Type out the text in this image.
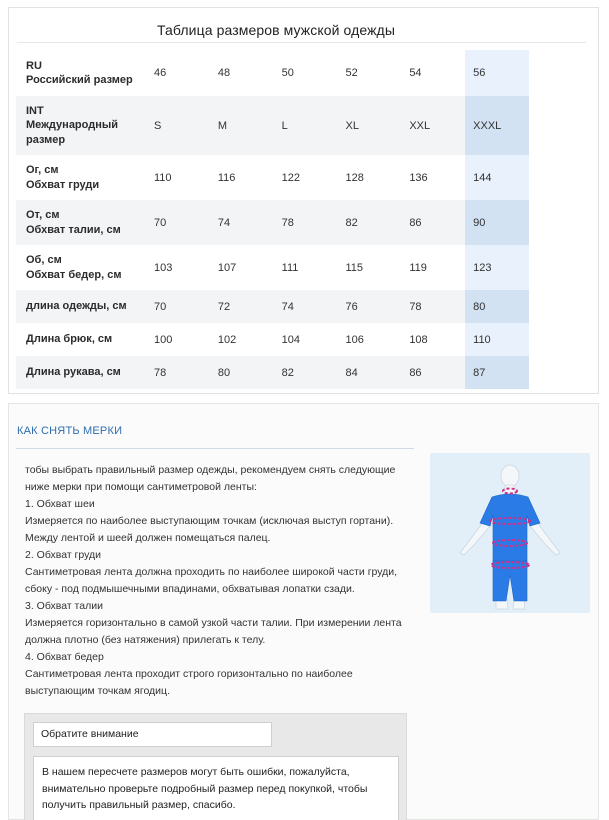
Таблица размеров мужской одежды
RU
Российский размер	46	48	50	52	54	56

INT
Международный
размер	S	M	L	XL	XXL	XXXL

Ог, см
Обхват груди	110	116	122	128	136	144

От, см
Обхват талии, см	70	74	78	82	86	90

Об, см
Обхват бедер, см	103	107	111	115	119	123

длина одежды, см	70	72	74	76	78	80

Длина брюк, см	100	102	104	106	108	110

Длина рукава, см	78	80	82	84	86	87
КАК СНЯТЬ МЕРКИ

тобы выбрать правильный размер одежды, рекомендуем снять следующие

ниже мерки при помощи сантиметровой ленты:

1. Обхват шеи

Измеряется по наиболее выступающим точкам (исключая выступ гортани).

Между лентой и шеей должен помещаться палец.

2. Обхват груди

Сантиметровая лента должна проходить по наиболее широкой части груди,

сбоку - под подмышечными впадинами, обхватывая лопатки сзади.

3. Обхват талии

Измеряется горизонтально в самой узкой части талии. При измерении лента

должна плотно (без натяжения) прилегать к телу.

4. Обхват бедер

Сантиметровая лента проходит строго горизонтально по наиболее

выступающим точкам ягодиц.

Обратите внимание

В нашем пересчете размеров могут быть ошибки, пожалуйста,

внимательно проверьте подробный размер перед покупкой, чтобы

получить правильный размер, спасибо.
